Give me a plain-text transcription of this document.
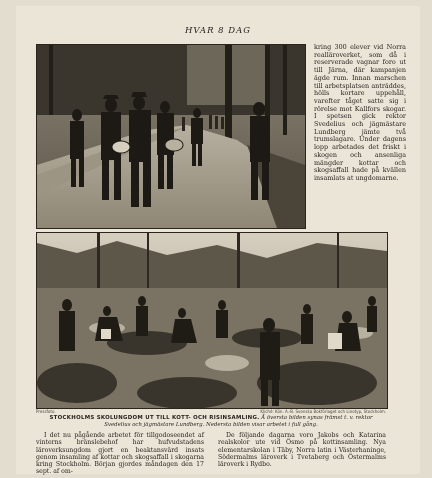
HVAR 8 DAG
kring 300 elever vid Norra realläroverket, som då i reserverade vagnar foro ut till Järna, där kampanjen ägde rum. Innan marschen till arbetsplatsen anträddes, hölls kortare uppehåll, varefter tåget satte sig i rörelse mot Kallfors skogar. I spetsen gick rektor Svedelius och jägmästare Lundberg jämte två trumslagare. Under dagens lopp arbetades det friskt i skogen och ansenliga mängder kottar och skogsaffall hade på kvällen insamlats at ungdomarne.
Pressfoto.	Kliché: Kön. A.-B. Svenska Bokförlaget och Linotyp, Stockholm.
STOCKHOLMS SKOLUNGDOM UT TILL KOTT- OCH RISINSAMLING. Å översta bilden synas främst t. v. rektor Svedelius och jägmästare Lundberg. Nedersta bilden visar arbetet i full gång.
I det nu pågående arbetet för tillgodoseendet af vinterns bränslebehof har hufvudstadens läroverksungdom gjort en beaktansvärd insats genom insamling af kottar och skogsaffall i skogarna kring Stockholm. Början gjordes måndagen den 17 sept. af om-
De följande dagarna voro Jakobs och Katarina realskolor ute vid Ösmo på kottinsamling. Nya elementarskolan i Täby, Norra latin i Västerhaninge, Södermalms läroverk i Tvetaberg och Östermalms läroverk i Rydbo.
